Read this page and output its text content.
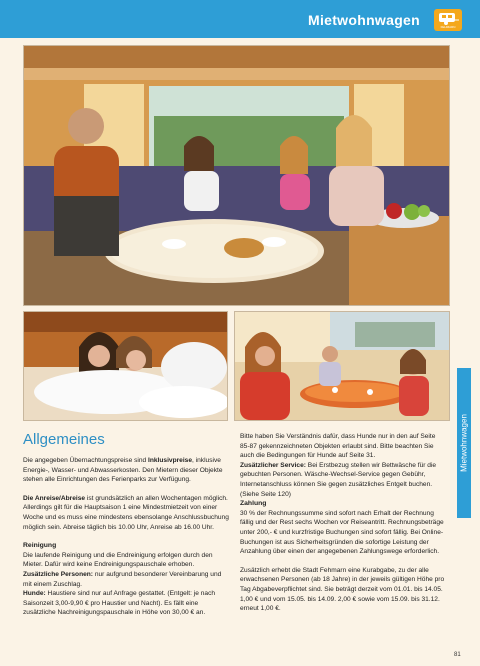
Mietwohnwagen	FEHMARN
Mietwohnwagen
Allgemeines

Die angegeben Übernachtungspreise sind Inklusivpreise, inklusive Energie-, Wasser- und Abwasserkosten. Den Mietern dieser Objekte stehen alle Einrichtungen des Ferienparks zur Verfügung.

Die Anreise/Abreise ist grundsätzlich an allen Wochentagen möglich. Allerdings gilt für die Hauptsaison 1 eine Mindestmietzeit von einer Woche und es muss eine mindestens ebensolange Anschlussbuchung möglich sein. Abreise täglich bis 10.00 Uhr, Anreise ab 16.00 Uhr.

Reinigung
Die laufende Reinigung und die Endreinigung erfolgen durch den Mieter. Dafür wird keine Endreinigungspauschale erhoben.
Zusätzliche Personen: nur aufgrund besonderer Vereinbarung und mit einem Zuschlag.
Hunde: Haustiere sind nur auf Anfrage gestattet. (Entgelt: je nach Saisonzeit 3,00-9,90 € pro Haustier und Nacht). Es fällt eine zusätzliche Nachreinigungspauschale in Höhe von 30,00 € an.
Bitte haben Sie Verständnis dafür, dass Hunde nur in den auf Seite 85-87 gekennzeichneten Objekten erlaubt sind. Bitte beachten Sie auch die Bedingungen für Hunde auf Seite 31.
Zusätzlicher Service: Bei Erstbezug stellen wir Bettwäsche für die gebuchten Personen. Wäsche-Wechsel-Service gegen Gebühr, Internetanschluss können Sie gegen zusätzliches Entgelt buchen. (Siehe Seite 120)
Zahlung

30 % der Rechnungssumme sind sofort nach Erhalt der Rechnung fällig und der Rest sechs Wochen vor Reiseantritt. Rechnungsbeträge unter 200,- € und kurzfristige Buchungen sind sofort fällig. Bei Online-Buchungen ist aus Sicherheitsgründen die sofortige Leistung der Anzahlung über einen der angegebenen Zahlungswege erforderlich.

Zusätzlich erhebt die Stadt Fehmarn eine Kurabgabe, zu der alle erwachsenen Personen (ab 18 Jahre) in der jeweils gültigen Höhe pro Tag Abgabeverpflichtet sind. Sie beträgt derzeit vom 01.01. bis 14.05. 1,00 € und vom 15.05. bis 14.09. 2,00 € sowie vom 15.09. bis 31.12. erneut 1,00 €.

81
